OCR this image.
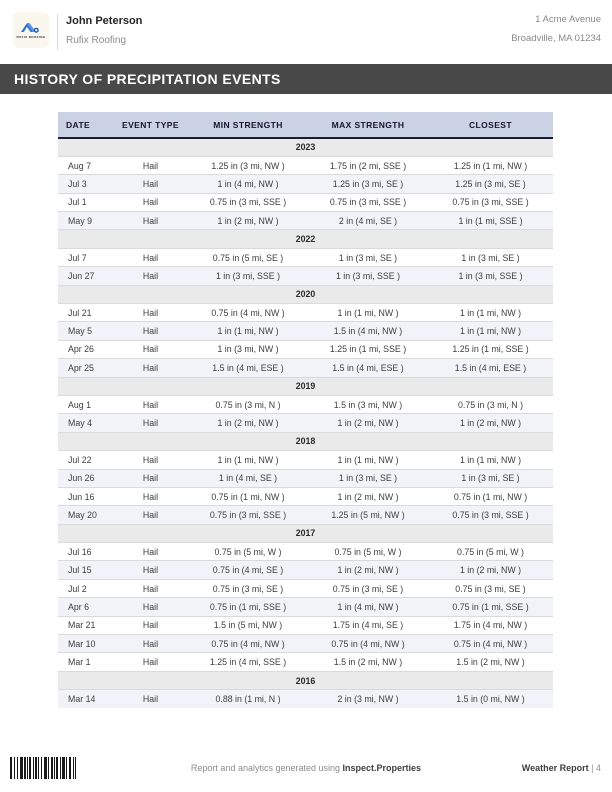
RUFIX ROOFING
John Peterson
Rufix Roofing
1 Acme Avenue
Broadville, MA 01234
HISTORY OF PRECIPITATION EVENTS
DATE	EVENT TYPE	MIN STRENGTH	MAX STRENGTH	CLOSEST
2023				
Aug 7	Hail	1.25 in (3 mi, NW )	1.75 in (2 mi, SSE )	1.25 in (1 mi, NW )
Jul 3	Hail	1 in (4 mi, NW )	1.25 in (3 mi, SE )	1.25 in (3 mi, SE )
Jul 1	Hail	0.75 in (3 mi, SSE )	0.75 in (3 mi, SSE )	0.75 in (3 mi, SSE )
May 9	Hail	1 in (2 mi, NW )	2 in (4 mi, SE )	1 in (1 mi, SSE )
2022				
Jul 7	Hail	0.75 in (5 mi, SE )	1 in (3 mi, SE )	1 in (3 mi, SE )
Jun 27	Hail	1 in (3 mi, SSE )	1 in (3 mi, SSE )	1 in (3 mi, SSE )
2020				
Jul 21	Hail	0.75 in (4 mi, NW )	1 in (1 mi, NW )	1 in (1 mi, NW )
May 5	Hail	1 in (1 mi, NW )	1.5 in (4 mi, NW )	1 in (1 mi, NW )
Apr 26	Hail	1 in (3 mi, NW )	1.25 in (1 mi, SSE )	1.25 in (1 mi, SSE )
Apr 25	Hail	1.5 in (4 mi, ESE )	1.5 in (4 mi, ESE )	1.5 in (4 mi, ESE )
2019				
Aug 1	Hail	0.75 in (3 mi, N )	1.5 in (3 mi, NW )	0.75 in (3 mi, N )
May 4	Hail	1 in (2 mi, NW )	1 in (2 mi, NW )	1 in (2 mi, NW )
2018				
Jul 22	Hail	1 in (1 mi, NW )	1 in (1 mi, NW )	1 in (1 mi, NW )
Jun 26	Hail	1 in (4 mi, SE )	1 in (3 mi, SE )	1 in (3 mi, SE )
Jun 16	Hail	0.75 in (1 mi, NW )	1 in (2 mi, NW )	0.75 in (1 mi, NW )
May 20	Hail	0.75 in (3 mi, SSE )	1.25 in (5 mi, NW )	0.75 in (3 mi, SSE )
2017				
Jul 16	Hail	0.75 in (5 mi, W )	0.75 in (5 mi, W )	0.75 in (5 mi, W )
Jul 15	Hail	0.75 in (4 mi, SE )	1 in (2 mi, NW )	1 in (2 mi, NW )
Jul 2	Hail	0.75 in (3 mi, SE )	0.75 in (3 mi, SE )	0.75 in (3 mi, SE )
Apr 6	Hail	0.75 in (1 mi, SSE )	1 in (4 mi, NW )	0.75 in (1 mi, SSE )
Mar 21	Hail	1.5 in (5 mi, NW )	1.75 in (4 mi, SE )	1.75 in (4 mi, NW )
Mar 10	Hail	0.75 in (4 mi, NW )	0.75 in (4 mi, NW )	0.75 in (4 mi, NW )
Mar 1	Hail	1.25 in (4 mi, SSE )	1.5 in (2 mi, NW )	1.5 in (2 mi, NW )
2016				
Mar 14	Hail	0.88 in (1 mi, N )	2 in (3 mi, NW )	1.5 in (0 mi, NW )
Report and analytics generated using Inspect.Properties	Weather Report | 4
